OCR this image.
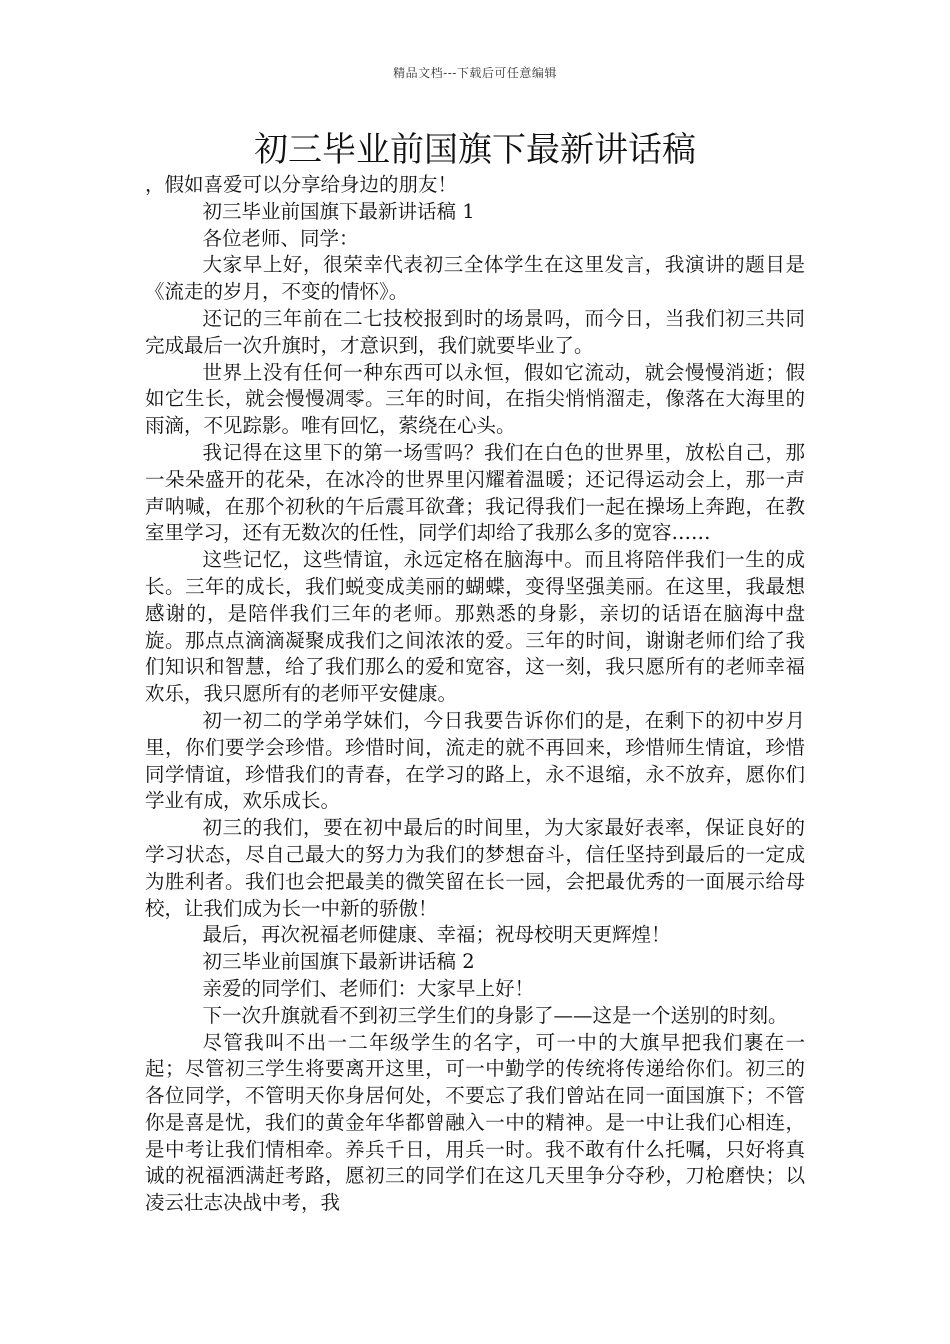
精品文档---下载后可任意编辑
初三毕业前国旗下最新讲话稿

，假如喜爱可以分享给身边的朋友！

初三毕业前国旗下最新讲话稿 1

各位老师、同学：

大家早上好，很荣幸代表初三全体学生在这里发言，我演讲的题目是《流走的岁月，不变的情怀》。

还记的三年前在二七技校报到时的场景吗，而今日，当我们初三共同完成最后一次升旗时，才意识到，我们就要毕业了。

世界上没有任何一种东西可以永恒，假如它流动，就会慢慢消逝；假如它生长，就会慢慢凋零。三年的时间，在指尖悄悄溜走，像落在大海里的雨滴，不见踪影。唯有回忆，萦绕在心头。

我记得在这里下的第一场雪吗？我们在白色的世界里，放松自己，那一朵朵盛开的花朵，在冰冷的世界里闪耀着温暖；还记得运动会上，那一声声呐喊，在那个初秋的午后震耳欲聋；我记得我们一起在操场上奔跑，在教室里学习，还有无数次的任性，同学们却给了我那么多的宽容……

这些记忆，这些情谊，永远定格在脑海中。而且将陪伴我们一生的成长。三年的成长，我们蜕变成美丽的蝴蝶，变得坚强美丽。在这里，我最想感谢的，是陪伴我们三年的老师。那熟悉的身影，亲切的话语在脑海中盘旋。那点点滴滴凝聚成我们之间浓浓的爱。三年的时间，谢谢老师们给了我们知识和智慧，给了我们那么的爱和宽容，这一刻，我只愿所有的老师幸福欢乐，我只愿所有的老师平安健康。

初一初二的学弟学妹们，今日我要告诉你们的是，在剩下的初中岁月里，你们要学会珍惜。珍惜时间，流走的就不再回来，珍惜师生情谊，珍惜同学情谊，珍惜我们的青春，在学习的路上，永不退缩，永不放弃，愿你们学业有成，欢乐成长。

初三的我们，要在初中最后的时间里，为大家最好表率，保证良好的学习状态，尽自己最大的努力为我们的梦想奋斗，信任坚持到最后的一定成为胜利者。我们也会把最美的微笑留在长一园，会把最优秀的一面展示给母校，让我们成为长一中新的骄傲！

最后，再次祝福老师健康、幸福；祝母校明天更辉煌！

初三毕业前国旗下最新讲话稿 2

亲爱的同学们、老师们：大家早上好！

下一次升旗就看不到初三学生们的身影了——这是一个送别的时刻。

尽管我叫不出一二年级学生的名字，可一中的大旗早把我们裹在一起；尽管初三学生将要离开这里，可一中勤学的传统将传递给你们。初三的各位同学，不管明天你身居何处，不要忘了我们曾站在同一面国旗下；不管你是喜是忧，我们的黄金年华都曾融入一中的精神。是一中让我们心相连，是中考让我们情相牵。养兵千日，用兵一时。我不敢有什么托嘱，只好将真诚的祝福洒满赶考路，愿初三的同学们在这几天里争分夺秒，刀枪磨快；以凌云壮志决战中考，我
